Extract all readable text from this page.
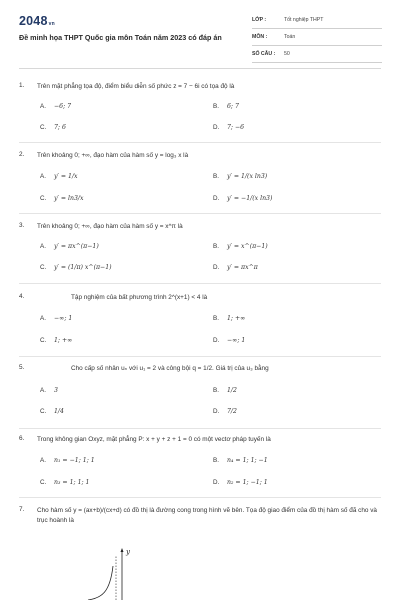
2048vn
Đề minh họa THPT Quốc gia môn Toán năm 2023 có đáp án
LỚP :	Tốt nghiệp THPT
MÔN :	Toán
SỐ CÂU : 50
1. Trên mặt phẳng tọa độ, điểm biểu diễn số phức z = 7 − 6i có tọa độ là
A. −6; 7	B. 6; 7
C. 7; 6	D. 7; −6
2. Trên khoảng 0; +∞, đạo hàm của hàm số y = log₃ x là
A. y′ = 1/x	B. y′ = 1/(x ln3)
C. y′ = ln3/x	D. y′ = −1/(x ln3)
3. Trên khoảng 0; +∞, đạo hàm của hàm số y = x^π là
A. y′ = πx^(π−1)	B. y′ = x^(π−1)
C. y′ = (1/π) x^(π−1)	D. y′ = πx^π
4.	Tập nghiệm của bất phương trình 2^(x+1) < 4 là
A. −∞; 1	B. 1; +∞
C. 1; +∞	D. −∞; 1
5.	Cho cấp số nhân uₙ với u₁ = 2 và công bội q = 1/2. Giá trị của u₃ bằng
A. 3	B. 1/2
C. 1/4	D. 7/2
6. Trong không gian Oxyz, mặt phẳng P: x + y + z + 1 = 0 có một vectơ pháp tuyến là
A. n₁ = −1; 1; 1	B. n₄ = 1; 1; −1
C. n₃ = 1; 1; 1	D. n₂ = 1; −1; 1
7. Cho hàm số y = (ax+b)/(cx+d) có đồ thị là đường cong trong hình vẽ bên. Tọa độ giao điểm của đồ thị hàm số đã cho và trục hoành là
y
